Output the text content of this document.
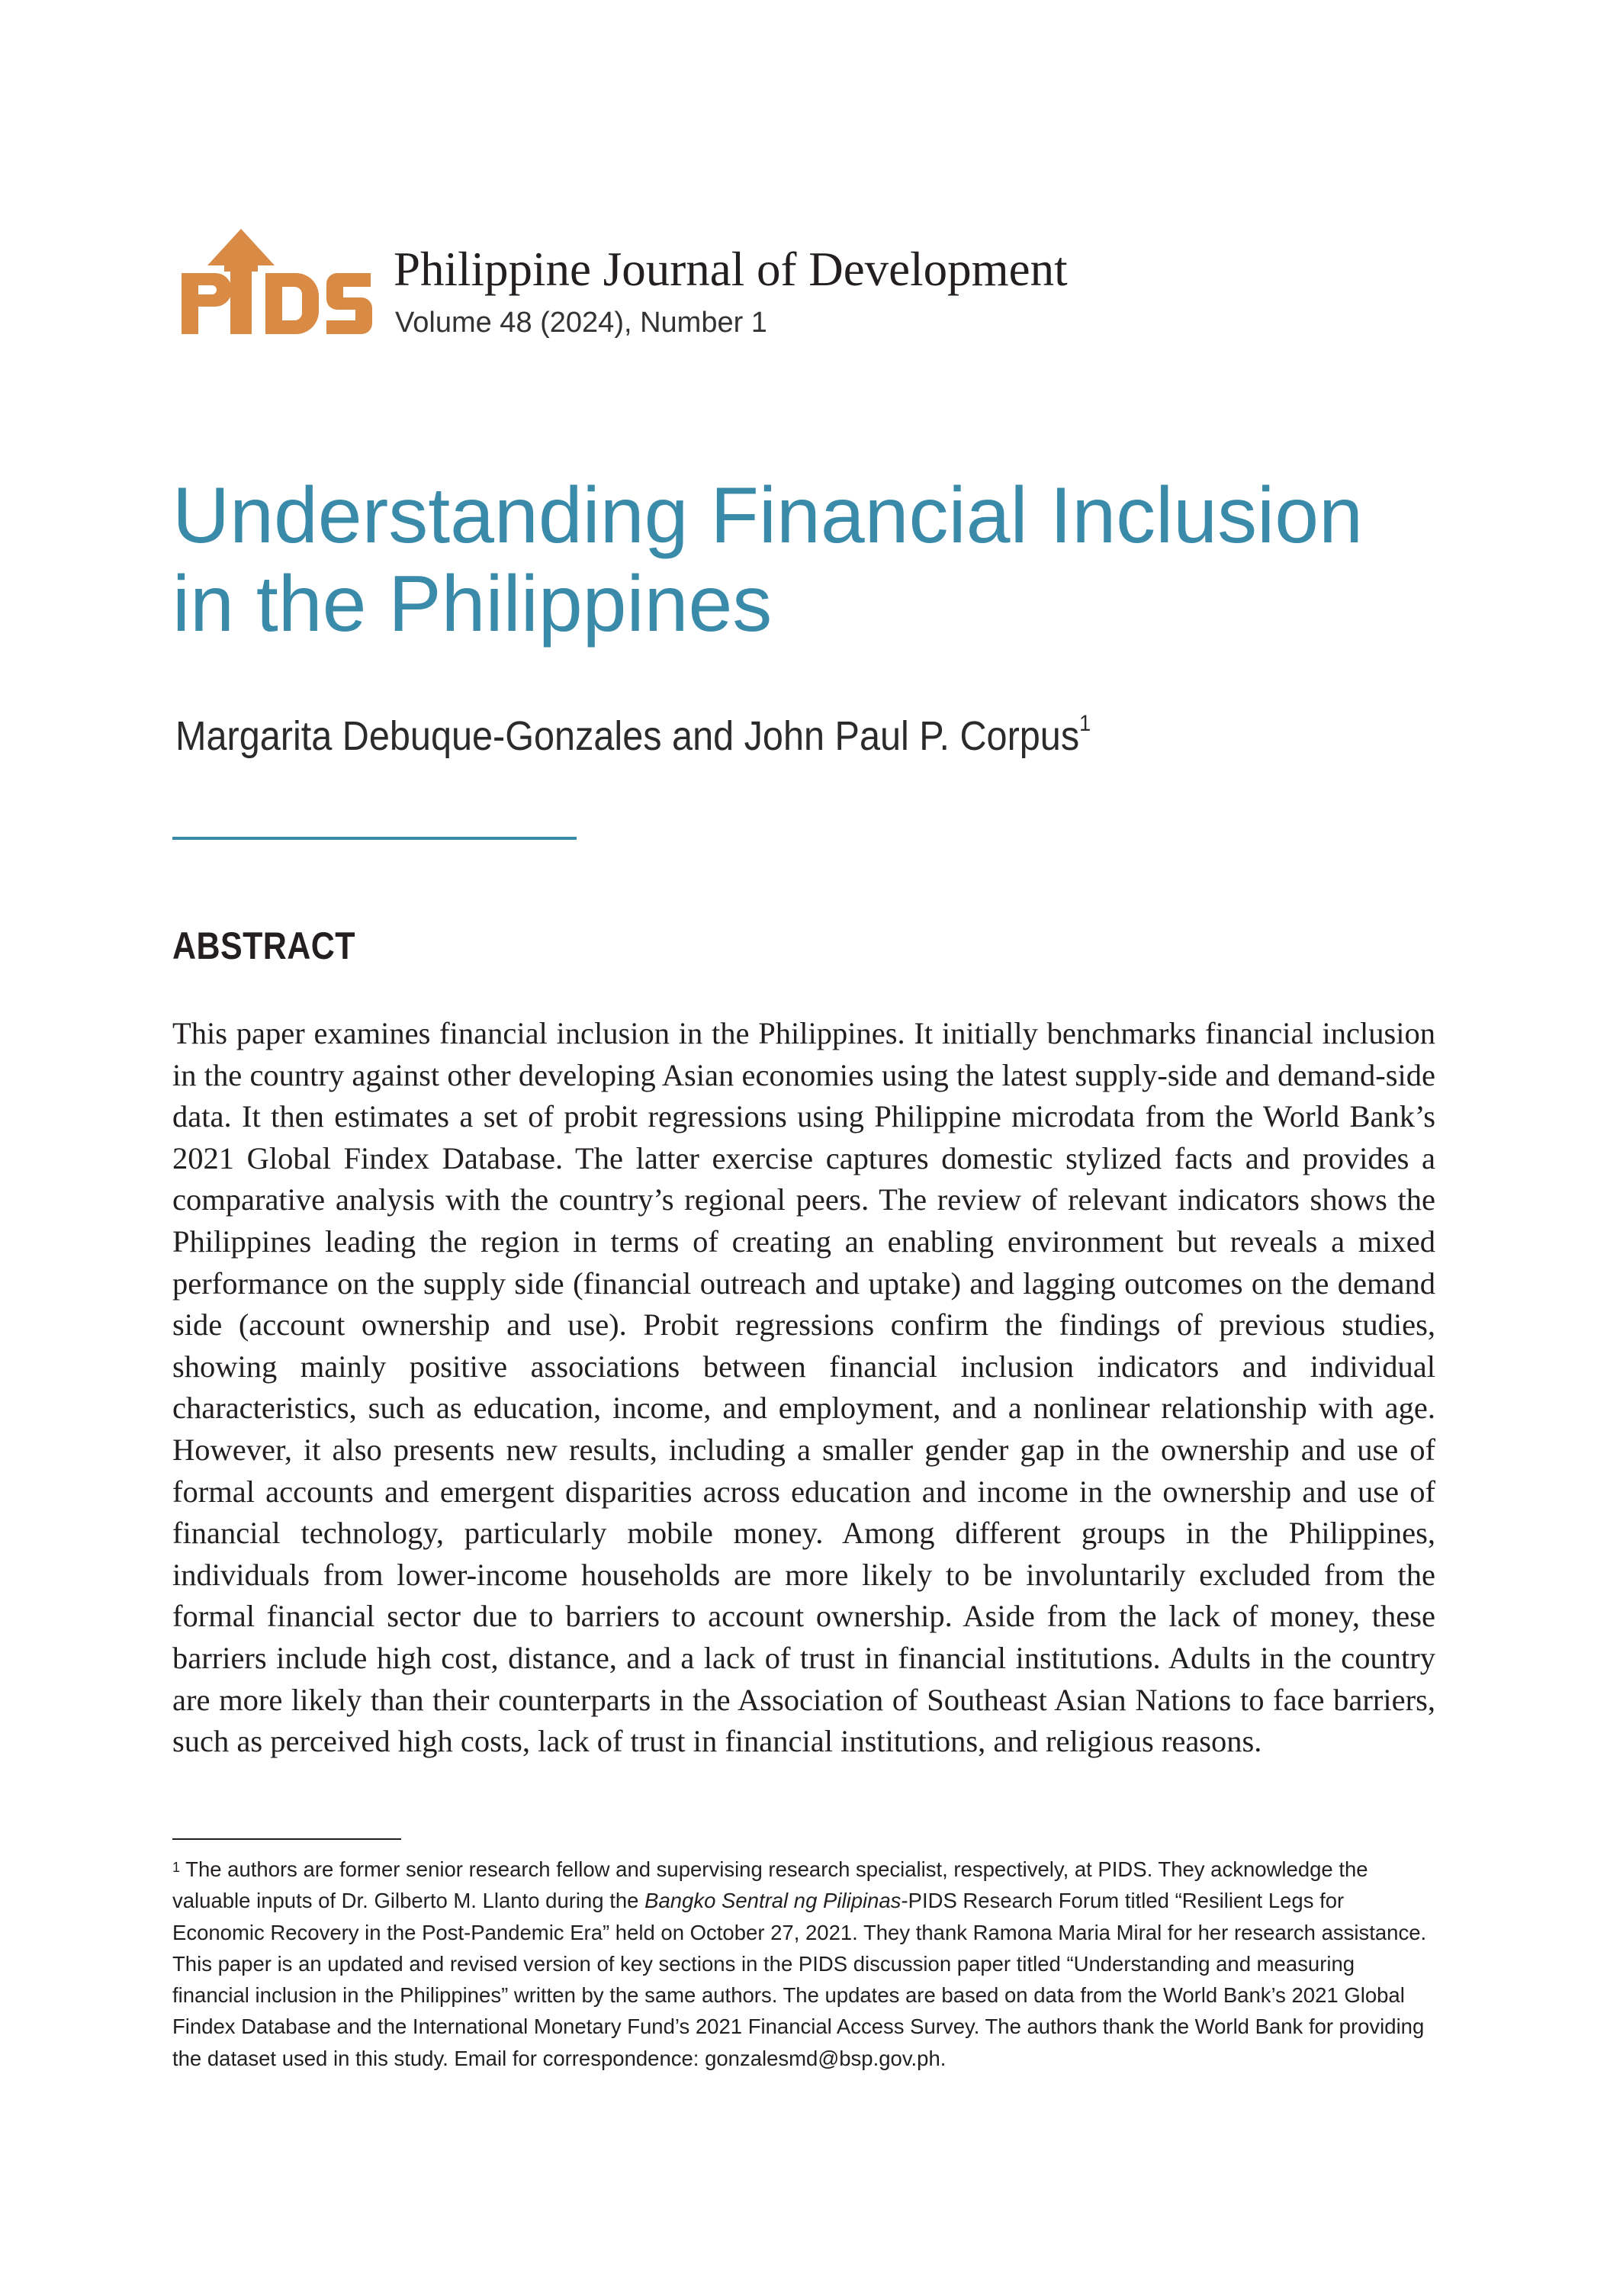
Philippine Journal of Development
Volume 48 (2024), Number 1
Understanding Financial Inclusion
in the Philippines
Margarita Debuque-Gonzales and John Paul P. Corpus$^1$
ABSTRACT

This paper examines financial inclusion in the Philippines. It initially benchmarks financial inclusion in the country against other developing Asian economies using the latest supply-side and demand-side data. It then estimates a set of probit regressions using Philippine microdata from the World Bank’s 2021 Global Findex Database. The latter exercise captures domestic stylized facts and provides a comparative analysis with the country’s regional peers. The review of relevant indicators shows the Philippines leading the region in terms of creating an enabling environment but reveals a mixed performance on the supply side (financial outreach and uptake) and lagging outcomes on the demand side (account ownership and use). Probit regressions confirm the findings of previous studies, showing mainly positive associations between financial inclusion indicators and individual characteristics, such as education, income, and employment, and a nonlinear relationship with age. However, it also presents new results, including a smaller gender gap in the ownership and use of formal accounts and emergent disparities across education and income in the ownership and use of financial technology, particularly mobile money. Among different groups in the Philippines, individuals from lower-income households are more likely to be involuntarily excluded from the formal financial sector due to barriers to account ownership. Aside from the lack of money, these barriers include high cost, distance, and a lack of trust in financial institutions. Adults in the country are more likely than their counterparts in the Association of Southeast Asian Nations to face barriers, such as perceived high costs, lack of trust in financial institutions, and religious reasons.

$^1$ The authors are former senior research fellow and supervising research specialist, respectively, at PIDS. They acknowledge the valuable inputs of Dr. Gilberto M. Llanto during the Bangko Sentral ng Pilipinas-PIDS Research Forum titled “Resilient Legs for Economic Recovery in the Post-Pandemic Era” held on October 27, 2021. They thank Ramona Maria Miral for her research assistance. This paper is an updated and revised version of key sections in the PIDS discussion paper titled “Understanding and measuring financial inclusion in the Philippines” written by the same authors. The updates are based on data from the World Bank’s 2021 Global Findex Database and the International Monetary Fund’s 2021 Financial Access Survey. The authors thank the World Bank for providing the dataset used in this study. Email for correspondence: gonzalesmd@bsp.gov.ph.
